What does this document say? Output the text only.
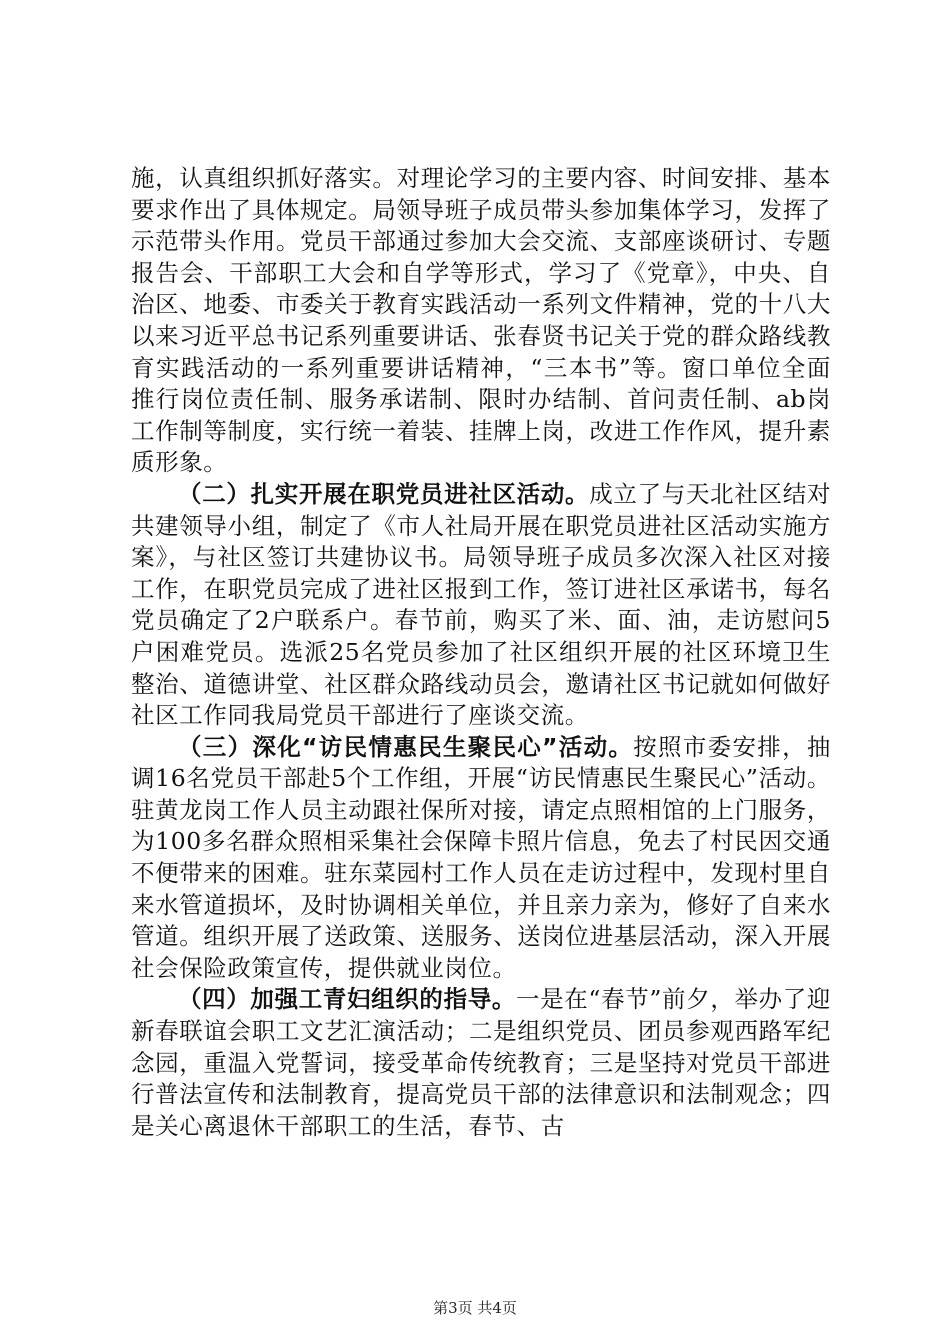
施，认真组织抓好落实。对理论学习的主要内容、时间安排、基本要求作出了具体规定。局领导班子成员带头参加集体学习，发挥了示范带头作用。党员干部通过参加大会交流、支部座谈研讨、专题报告会、干部职工大会和自学等形式，学习了《党章》，中央、自治区、地委、市委关于教育实践活动一系列文件精神，党的十八大以来习近平总书记系列重要讲话、张春贤书记关于党的群众路线教育实践活动的一系列重要讲话精神，“三本书”等。窗口单位全面推行岗位责任制、服务承诺制、限时办结制、首问责任制、ab岗工作制等制度，实行统一着装、挂牌上岗，改进工作作风，提升素质形象。

（二）扎实开展在职党员进社区活动。成立了与天北社区结对共建领导小组，制定了《市人社局开展在职党员进社区活动实施方案》，与社区签订共建协议书。局领导班子成员多次深入社区对接工作，在职党员完成了进社区报到工作，签订进社区承诺书，每名党员确定了2户联系户。春节前，购买了米、面、油，走访慰问5户困难党员。选派25名党员参加了社区组织开展的社区环境卫生整治、道德讲堂、社区群众路线动员会，邀请社区书记就如何做好社区工作同我局党员干部进行了座谈交流。

（三）深化“访民情惠民生聚民心”活动。按照市委安排，抽调16名党员干部赴5个工作组，开展“访民情惠民生聚民心”活动。驻黄龙岗工作人员主动跟社保所对接，请定点照相馆的上门服务，为100多名群众照相采集社会保障卡照片信息，免去了村民因交通不便带来的困难。驻东菜园村工作人员在走访过程中，发现村里自来水管道损坏，及时协调相关单位，并且亲力亲为，修好了自来水管道。组织开展了送政策、送服务、送岗位进基层活动，深入开展社会保险政策宣传，提供就业岗位。

（四）加强工青妇组织的指导。一是在“春节”前夕，举办了迎新春联谊会职工文艺汇演活动；二是组织党员、团员参观西路军纪念园，重温入党誓词，接受革命传统教育；三是坚持对党员干部进行普法宣传和法制教育，提高党员干部的法律意识和法制观念；四是关心离退休干部职工的生活，春节、古

第3页 共4页
